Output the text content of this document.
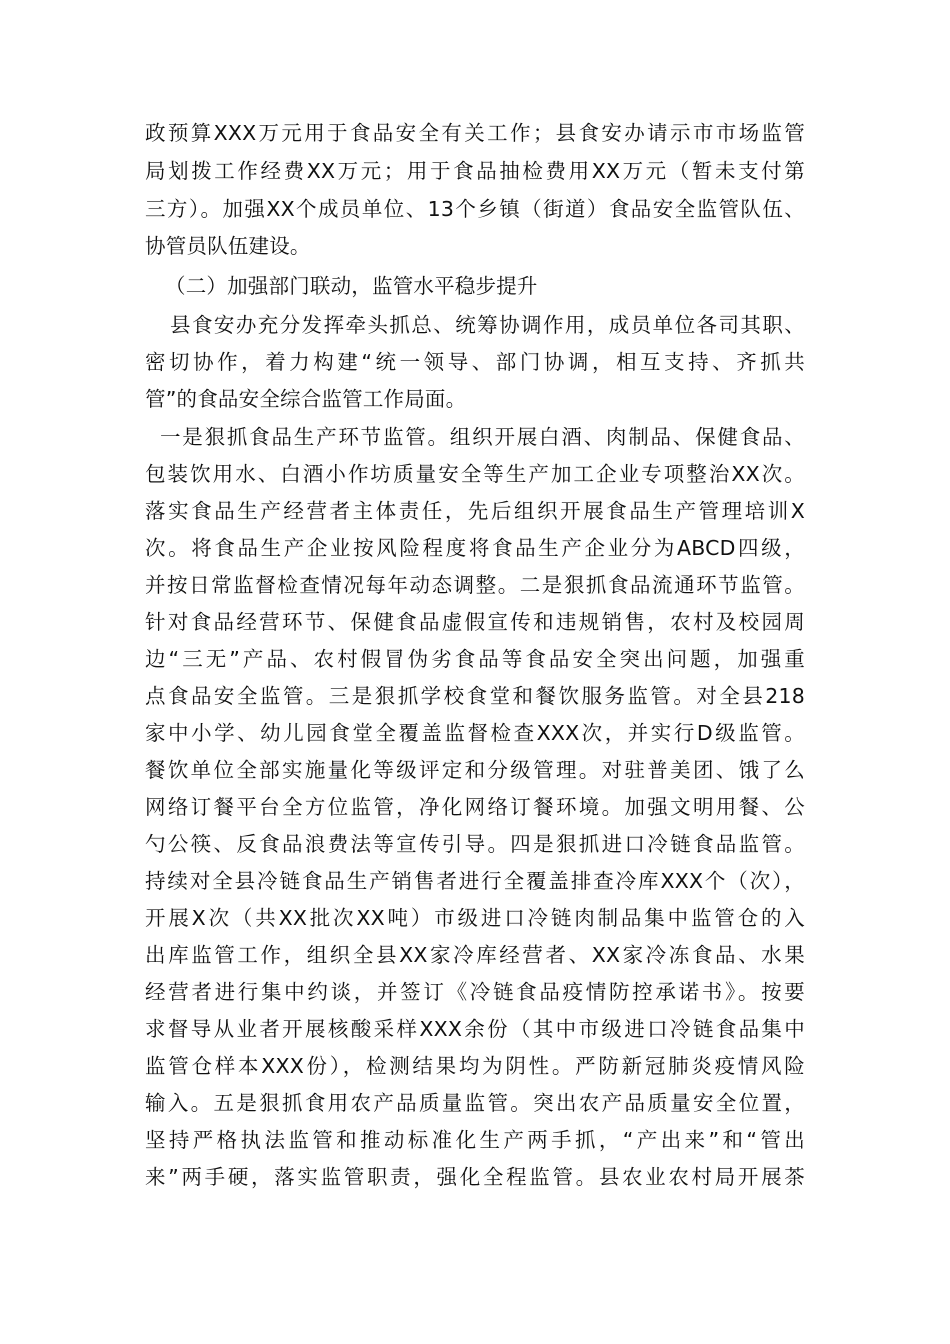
政预算XXX万元用于食品安全有关工作；县食安办请示市市场监管
局划拨工作经费XX万元；用于食品抽检费用XX万元（暂未支付第
三方）。加强XX个成员单位、13个乡镇（街道）食品安全监管队伍、
协管员队伍建设。
（二）加强部门联动，监管水平稳步提升
县食安办充分发挥牵头抓总、统筹协调作用，成员单位各司其职、
密切协作，着力构建“统一领导、部门协调，相互支持、齐抓共
管”的食品安全综合监管工作局面。
一是狠抓食品生产环节监管。组织开展白酒、肉制品、保健食品、
包装饮用水、白酒小作坊质量安全等生产加工企业专项整治XX次。
落实食品生产经营者主体责任，先后组织开展食品生产管理培训X
次。将食品生产企业按风险程度将食品生产企业分为ABCD四级，
并按日常监督检查情况每年动态调整。二是狠抓食品流通环节监管。
针对食品经营环节、保健食品虚假宣传和违规销售，农村及校园周
边“三无”产品、农村假冒伪劣食品等食品安全突出问题，加强重
点食品安全监管。三是狠抓学校食堂和餐饮服务监管。对全县218
家中小学、幼儿园食堂全覆盖监督检查XXX次，并实行D级监管。
餐饮单位全部实施量化等级评定和分级管理。对驻普美团、饿了么
网络订餐平台全方位监管，净化网络订餐环境。加强文明用餐、公
勺公筷、反食品浪费法等宣传引导。四是狠抓进口冷链食品监管。
持续对全县冷链食品生产销售者进行全覆盖排查冷库XXX个（次），
开展X次（共XX批次XX吨）市级进口冷链肉制品集中监管仓的入
出库监管工作，组织全县XX家冷库经营者、XX家冷冻食品、水果
经营者进行集中约谈，并签订《冷链食品疫情防控承诺书》。按要
求督导从业者开展核酸采样XXX余份（其中市级进口冷链食品集中
监管仓样本XXX份），检测结果均为阴性。严防新冠肺炎疫情风险
输入。五是狠抓食用农产品质量监管。突出农产品质量安全位置，
坚持严格执法监管和推动标准化生产两手抓，“产出来”和“管出
来”两手硬，落实监管职责，强化全程监管。县农业农村局开展茶
